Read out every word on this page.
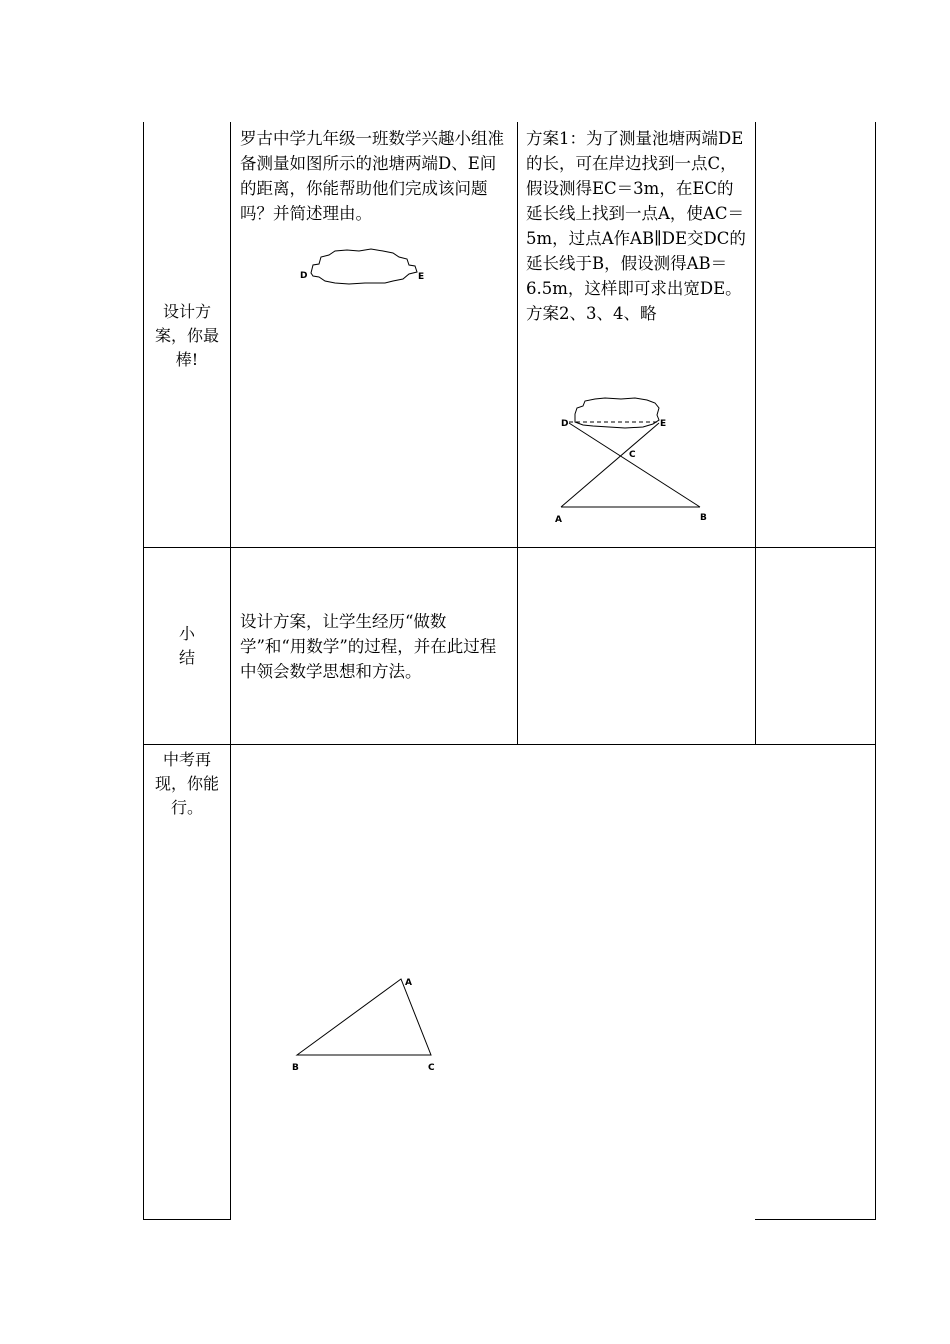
设计方
案，你最
棒!
罗古中学九年级一班数学兴趣小组准备测量如图所示的池塘两端D、E间的距离，你能帮助他们完成该问题吗？并简述理由。
D	E
方案1：为了测量池塘两端DE的长，可在岸边找到一点C，假设测得EC＝3m，在EC的延长线上找到一点A，使AC＝5m，过点A作AB∥DE交DC的延长线于B，假设测得AB＝6.5m，这样即可求出宽DE。方案2、3、4、略
D	E
C
A	B
小
结
设计方案，让学生经历“做数学”和“用数学”的过程，并在此过程中领会数学思想和方法。
中考再
现，你能
行。
A
B	C
